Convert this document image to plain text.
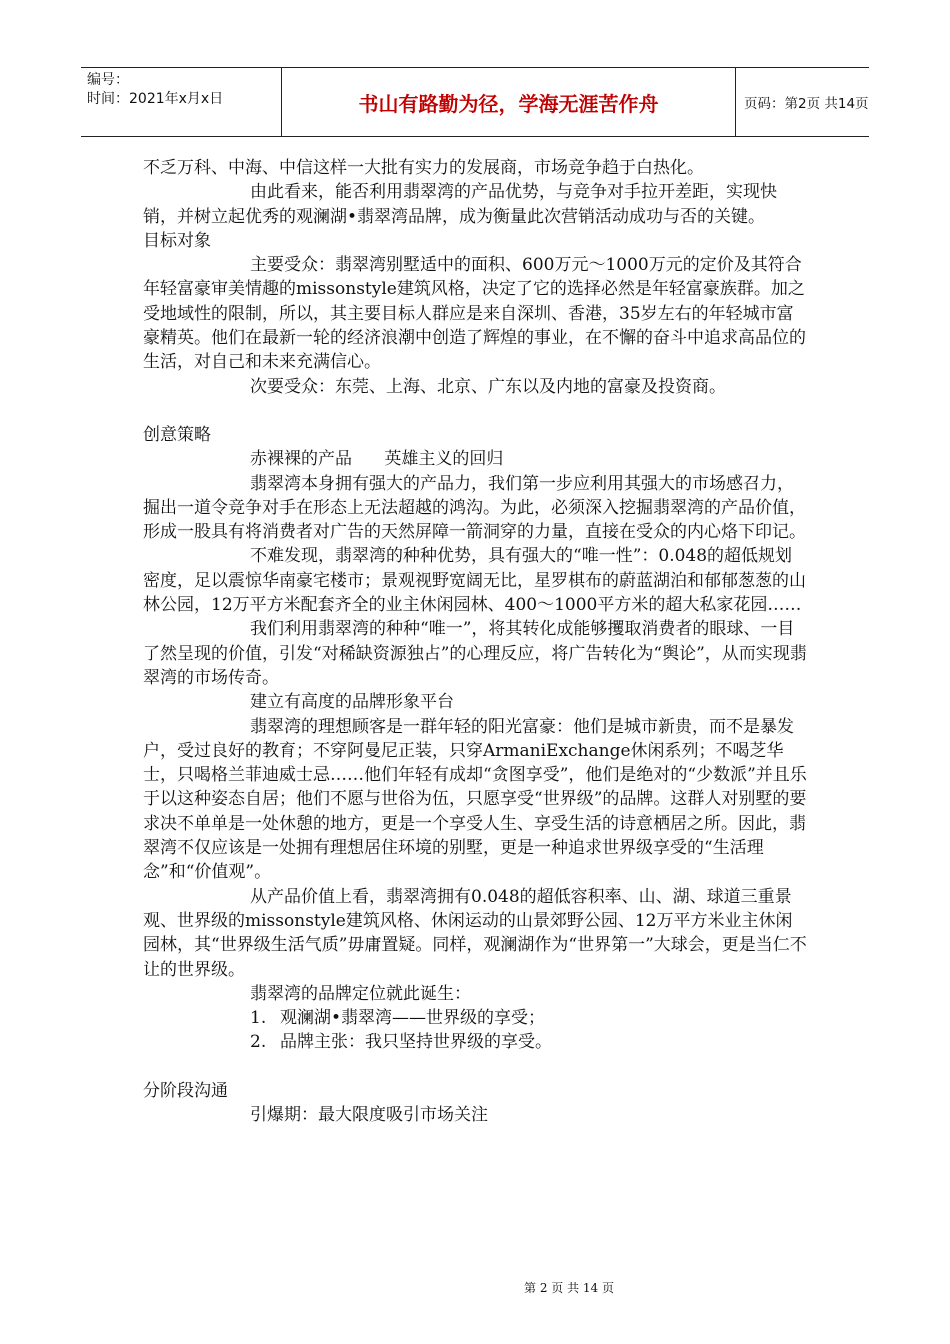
编号：
时间：2021年x月x日	书山有路勤为径，学海无涯苦作舟	页码：第2页 共14页

不乏万科、中海、中信这样一大批有实力的发展商，市场竞争趋于白热化。

由此看来，能否利用翡翠湾的产品优势，与竞争对手拉开差距，实现快销，并树立起优秀的观澜湖•翡翠湾品牌，成为衡量此次营销活动成功与否的关键。

目标对象

主要受众：翡翠湾别墅适中的面积、600万元～1000万元的定价及其符合年轻富豪审美情趣的missonstyle建筑风格，决定了它的选择必然是年轻富豪族群。加之受地域性的限制，所以，其主要目标人群应是来自深圳、香港，35岁左右的年轻城市富豪精英。他们在最新一轮的经济浪潮中创造了辉煌的事业，在不懈的奋斗中追求高品位的生活，对自己和未来充满信心。

次要受众：东莞、上海、北京、广东以及内地的富豪及投资商。

创意策略

赤裸裸的产品      英雄主义的回归

翡翠湾本身拥有强大的产品力，我们第一步应利用其强大的市场感召力，掘出一道令竞争对手在形态上无法超越的鸿沟。为此，必须深入挖掘翡翠湾的产品价值，形成一股具有将消费者对广告的天然屏障一箭洞穿的力量，直接在受众的内心烙下印记。

不难发现，翡翠湾的种种优势，具有强大的“唯一性”：0.048的超低规划密度，足以震惊华南豪宅楼市；景观视野宽阔无比，星罗棋布的蔚蓝湖泊和郁郁葱葱的山林公园，12万平方米配套齐全的业主休闲园林、400～1000平方米的超大私家花园……

我们利用翡翠湾的种种“唯一”，将其转化成能够攫取消费者的眼球、一目了然呈现的价值，引发“对稀缺资源独占”的心理反应，将广告转化为“舆论”，从而实现翡翠湾的市场传奇。

建立有高度的品牌形象平台

翡翠湾的理想顾客是一群年轻的阳光富豪：他们是城市新贵，而不是暴发户，受过良好的教育；不穿阿曼尼正装，只穿ArmaniExchange休闲系列；不喝芝华士，只喝格兰菲迪威士忌……他们年轻有成却“贪图享受”，他们是绝对的“少数派”并且乐于以这种姿态自居；他们不愿与世俗为伍，只愿享受“世界级”的品牌。这群人对别墅的要求决不单单是一处休憩的地方，更是一个享受人生、享受生活的诗意栖居之所。因此，翡翠湾不仅应该是一处拥有理想居住环境的别墅，更是一种追求世界级享受的“生活理念”和“价值观”。

从产品价值上看，翡翠湾拥有0.048的超低容积率、山、湖、球道三重景观、世界级的missonstyle建筑风格、休闲运动的山景郊野公园、12万平方米业主休闲园林，其“世界级生活气质”毋庸置疑。同样，观澜湖作为“世界第一”大球会，更是当仁不让的世界级。

翡翠湾的品牌定位就此诞生：

1. 观澜湖•翡翠湾——世界级的享受；

2. 品牌主张：我只坚持世界级的享受。

分阶段沟通

引爆期：最大限度吸引市场关注

第 2 页 共 14 页
